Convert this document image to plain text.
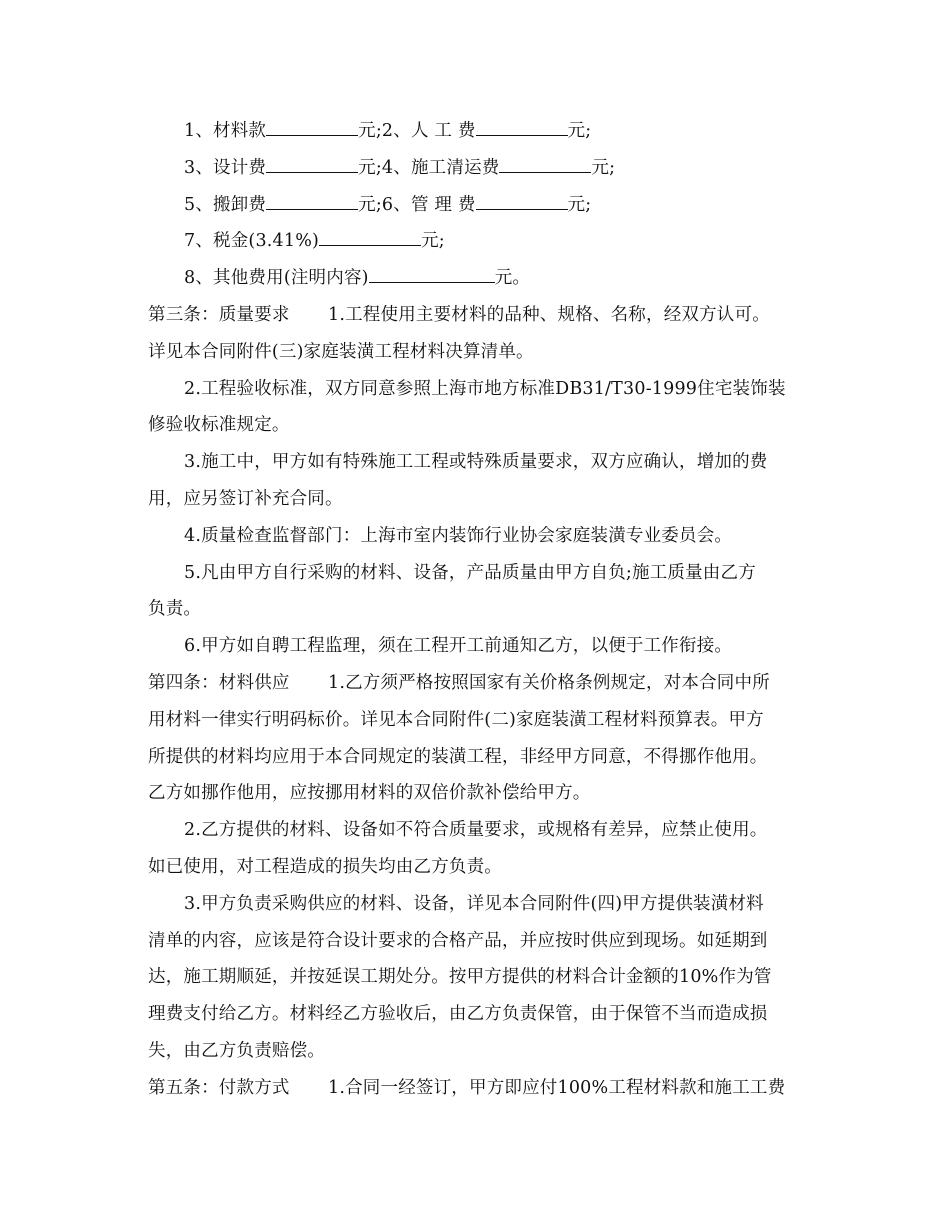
1、材料款	元;2、人 工 费	元;
3、设计费	元;4、施工清运费	元;
5、搬卸费	元;6、管 理 费	元;
7、税金(3.41%)	元;
8、其他费用(注明内容)	元。
第三条：质量要求 1.工程使用主要材料的品种、规格、名称，经双方认可。
详见本合同附件(三)家庭装潢工程材料决算清单。
2.工程验收标准，双方同意参照上海市地方标准DB31/T30-1999住宅装饰装
修验收标准规定。
3.施工中，甲方如有特殊施工工程或特殊质量要求，双方应确认，增加的费
用，应另签订补充合同。
4.质量检查监督部门：上海市室内装饰行业协会家庭装潢专业委员会。
5.凡由甲方自行采购的材料、设备，产品质量由甲方自负;施工质量由乙方
负责。
6.甲方如自聘工程监理，须在工程开工前通知乙方，以便于工作衔接。
第四条：材料供应 1.乙方须严格按照国家有关价格条例规定，对本合同中所
用材料一律实行明码标价。详见本合同附件(二)家庭装潢工程材料预算表。甲方
所提供的材料均应用于本合同规定的装潢工程，非经甲方同意，不得挪作他用。
乙方如挪作他用，应按挪用材料的双倍价款补偿给甲方。
2.乙方提供的材料、设备如不符合质量要求，或规格有差异，应禁止使用。
如已使用，对工程造成的损失均由乙方负责。
3.甲方负责采购供应的材料、设备，详见本合同附件(四)甲方提供装潢材料
清单的内容，应该是符合设计要求的合格产品，并应按时供应到现场。如延期到
达，施工期顺延，并按延误工期处分。按甲方提供的材料合计金额的10%作为管
理费支付给乙方。材料经乙方验收后，由乙方负责保管，由于保管不当而造成损
失，由乙方负责赔偿。
第五条：付款方式 1.合同一经签订，甲方即应付100%工程材料款和施工工费
